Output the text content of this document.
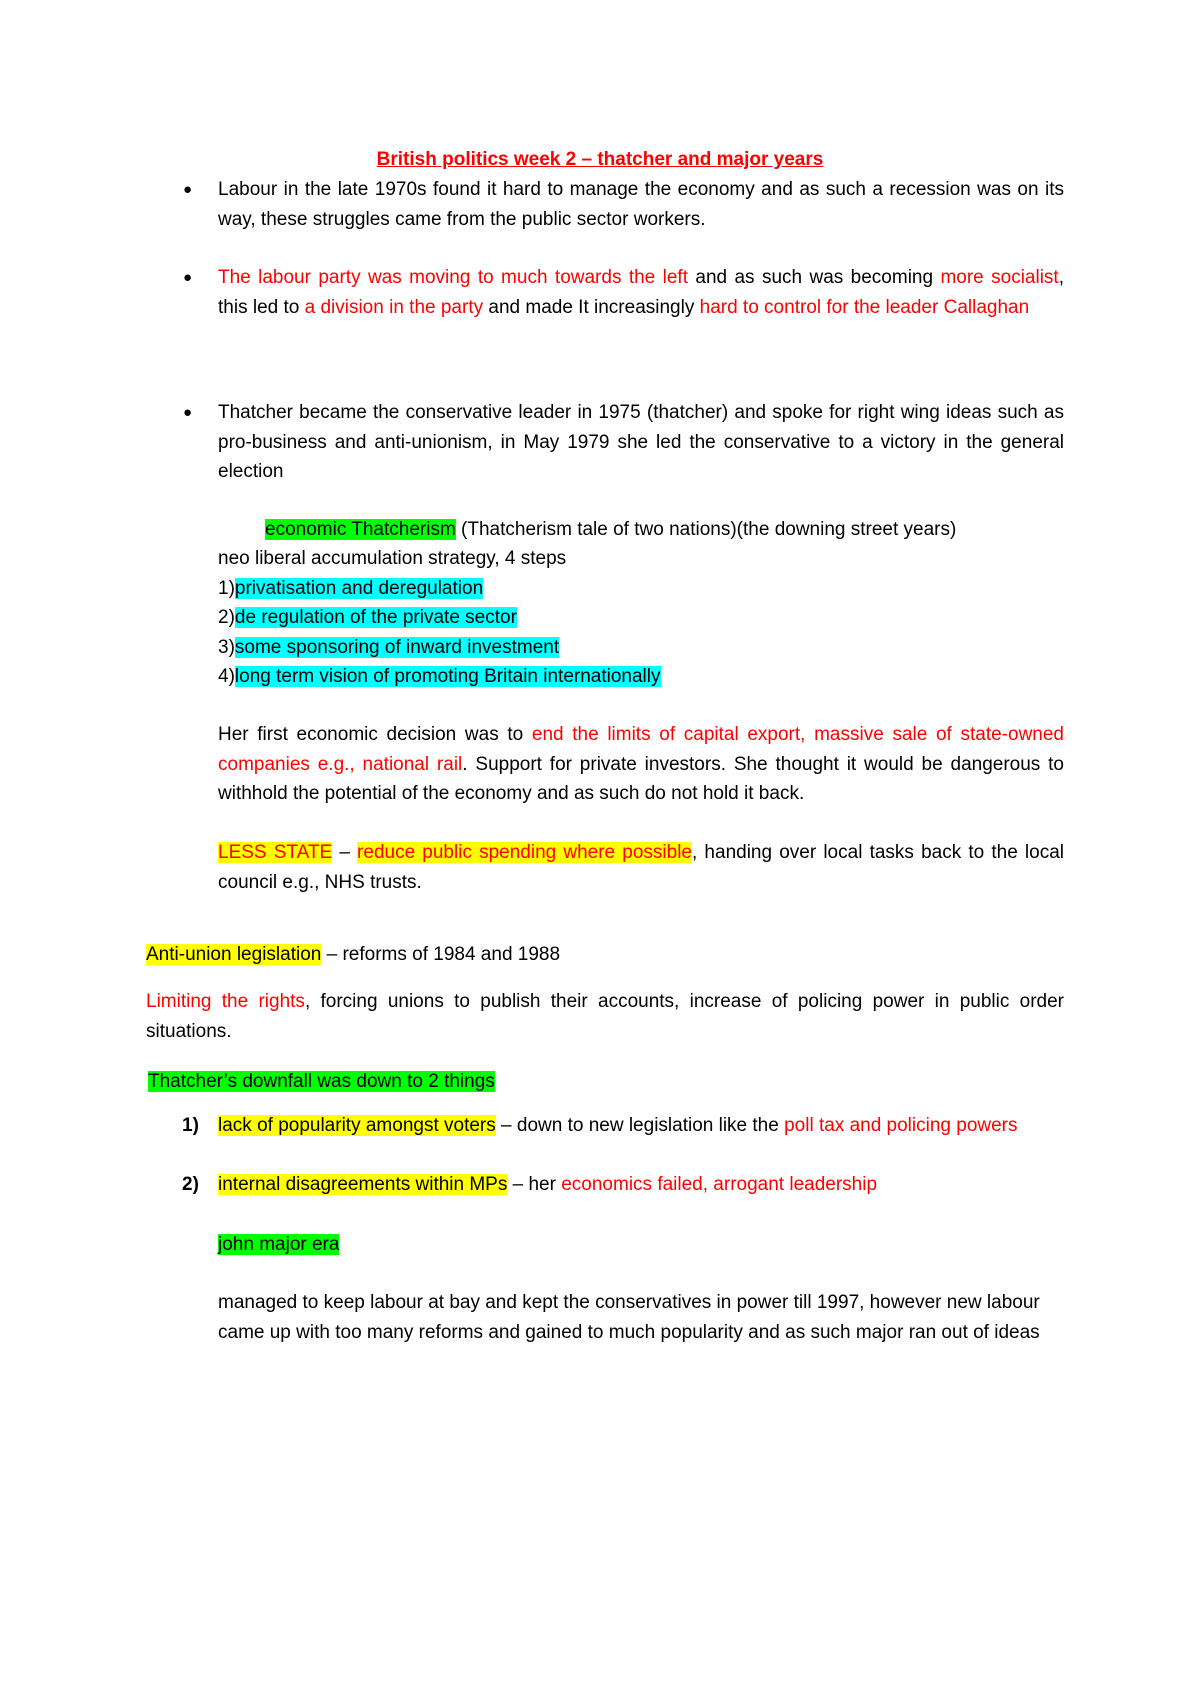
British politics week 2 – thatcher and major years
● Labour in the late 1970s found it hard to manage the economy and as such a recession was on its way, these struggles came from the public sector workers.

● The labour party was moving to much towards the left and as such was becoming more socialist, this led to a division in the party and made It increasingly hard to control for the leader Callaghan

● Thatcher became the conservative leader in 1975 (thatcher) and spoke for right wing ideas such as pro-business and anti-unionism, in May 1979 she led the conservative to a victory in the general election

economic Thatcherism (Thatcherism tale of two nations)(the downing street years)

neo liberal accumulation strategy, 4 steps

1)privatisation and deregulation

2)de regulation of the private sector

3)some sponsoring of inward investment

4)long term vision of promoting Britain internationally

Her first economic decision was to end the limits of capital export, massive sale of state-owned companies e.g., national rail. Support for private investors. She thought it would be dangerous to withhold the potential of the economy and as such do not hold it back.

LESS STATE – reduce public spending where possible, handing over local tasks back to the local council e.g., NHS trusts.

Anti-union legislation – reforms of 1984 and 1988

Limiting the rights, forcing unions to publish their accounts, increase of policing power in public order situations.

Thatcher’s downfall was down to 2 things

1) lack of popularity amongst voters – down to new legislation like the poll tax and policing powers

2) internal disagreements within MPs – her economics failed, arrogant leadership

john major era

managed to keep labour at bay and kept the conservatives in power till 1997, however new labour came up with too many reforms and gained to much popularity and as such major ran out of ideas
